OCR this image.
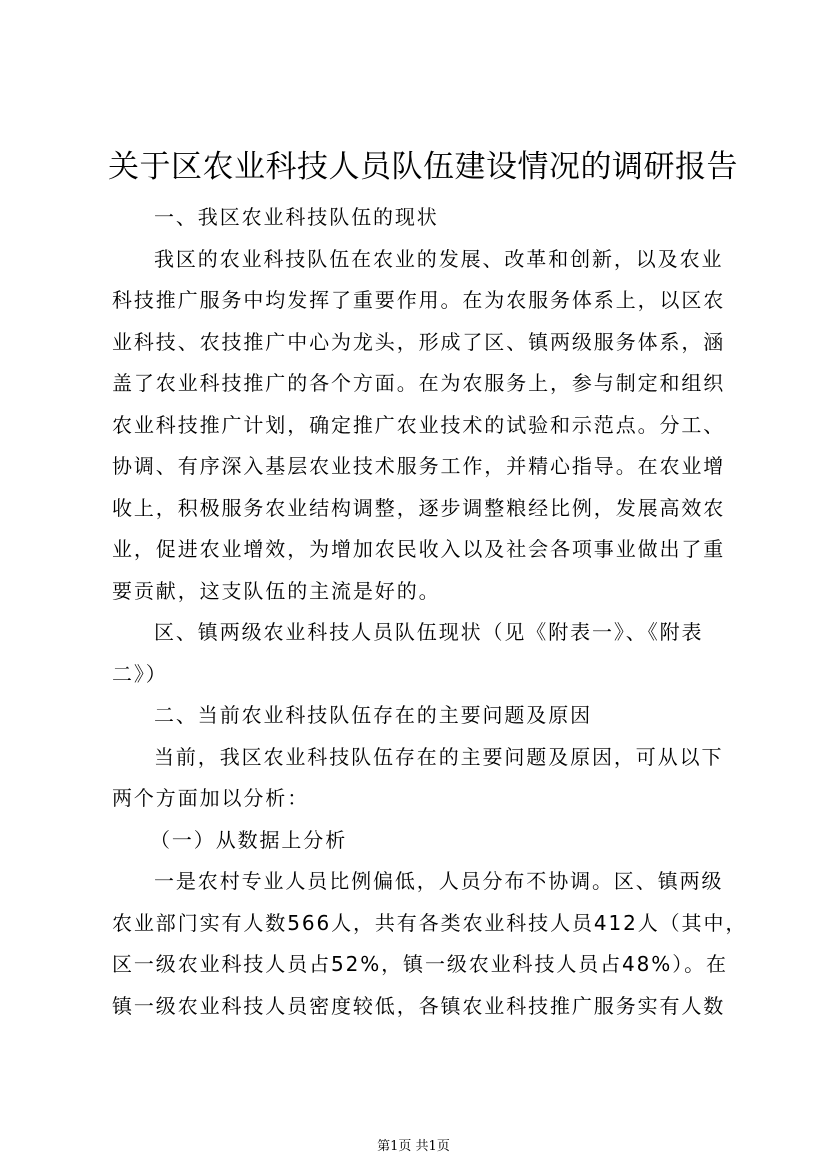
关于区农业科技人员队伍建设情况的调研报告
一、我区农业科技队伍的现状
我区的农业科技队伍在农业的发展、改革和创新，以及农业
科技推广服务中均发挥了重要作用。在为农服务体系上，以区农
业科技、农技推广中心为龙头，形成了区、镇两级服务体系，涵
盖了农业科技推广的各个方面。在为农服务上，参与制定和组织
农业科技推广计划，确定推广农业技术的试验和示范点。分工、
协调、有序深入基层农业技术服务工作，并精心指导。在农业增
收上，积极服务农业结构调整，逐步调整粮经比例，发展高效农
业，促进农业增效，为增加农民收入以及社会各项事业做出了重
要贡献，这支队伍的主流是好的。
区、镇两级农业科技人员队伍现状（见《附表一》、《附表
二》）
二、当前农业科技队伍存在的主要问题及原因
当前，我区农业科技队伍存在的主要问题及原因，可从以下
两个方面加以分析：
（一）从数据上分析
一是农村专业人员比例偏低，人员分布不协调。区、镇两级
农业部门实有人数566人，共有各类农业科技人员412人（其中，
区一级农业科技人员占52%，镇一级农业科技人员占48%）。在
镇一级农业科技人员密度较低，各镇农业科技推广服务实有人数
第1页 共1页
